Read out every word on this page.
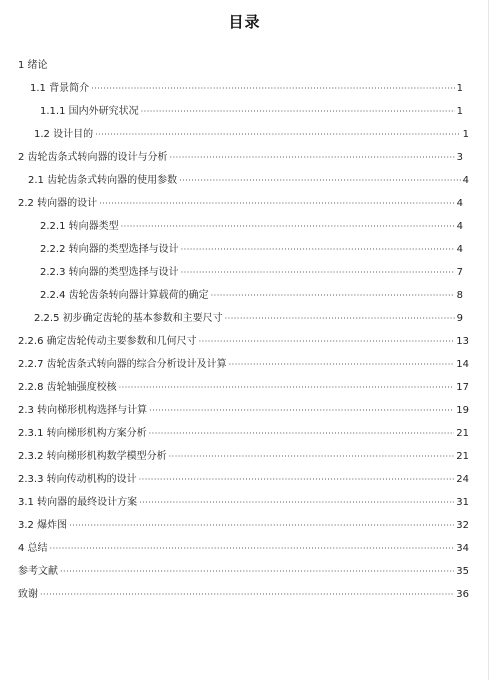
目录
1 绪论
1.1 背景简介 ·····	1
1.1.1 国内外研究状况 ·····	1
1.2 设计目的 ·····	1
2 齿轮齿条式转向器的设计与分析 ·····	3
2.1 齿轮齿条式转向器的使用参数 ·····	4
2.2 转向器的设计 ·····	4
2.2.1 转向器类型 ·····	4
2.2.2 转向器的类型选择与设计 ·····	4
2.2.3 转向器的类型选择与设计 ·····	7
2.2.4 齿轮齿条转向器计算载荷的确定 ·····	8
2.2.5 初步确定齿轮的基本参数和主要尺寸 ·····	9
2.2.6 确定齿轮传动主要参数和几何尺寸 ·····	13
2.2.7 齿轮齿条式转向器的综合分析设计及计算 ·····	14
2.2.8 齿轮轴强度校核 ·····	17
2.3 转向梯形机构选择与计算 ·····	19
2.3.1 转向梯形机构方案分析 ·····	21
2.3.2 转向梯形机构数学模型分析 ·····	21
2.3.3 转向传动机构的设计 ·····	24
3.1 转向器的最终设计方案 ·····	31
3.2 爆炸图 ·····	32
4 总结 ·····	34
参考文献 ·····	35
致谢 ·····	36
